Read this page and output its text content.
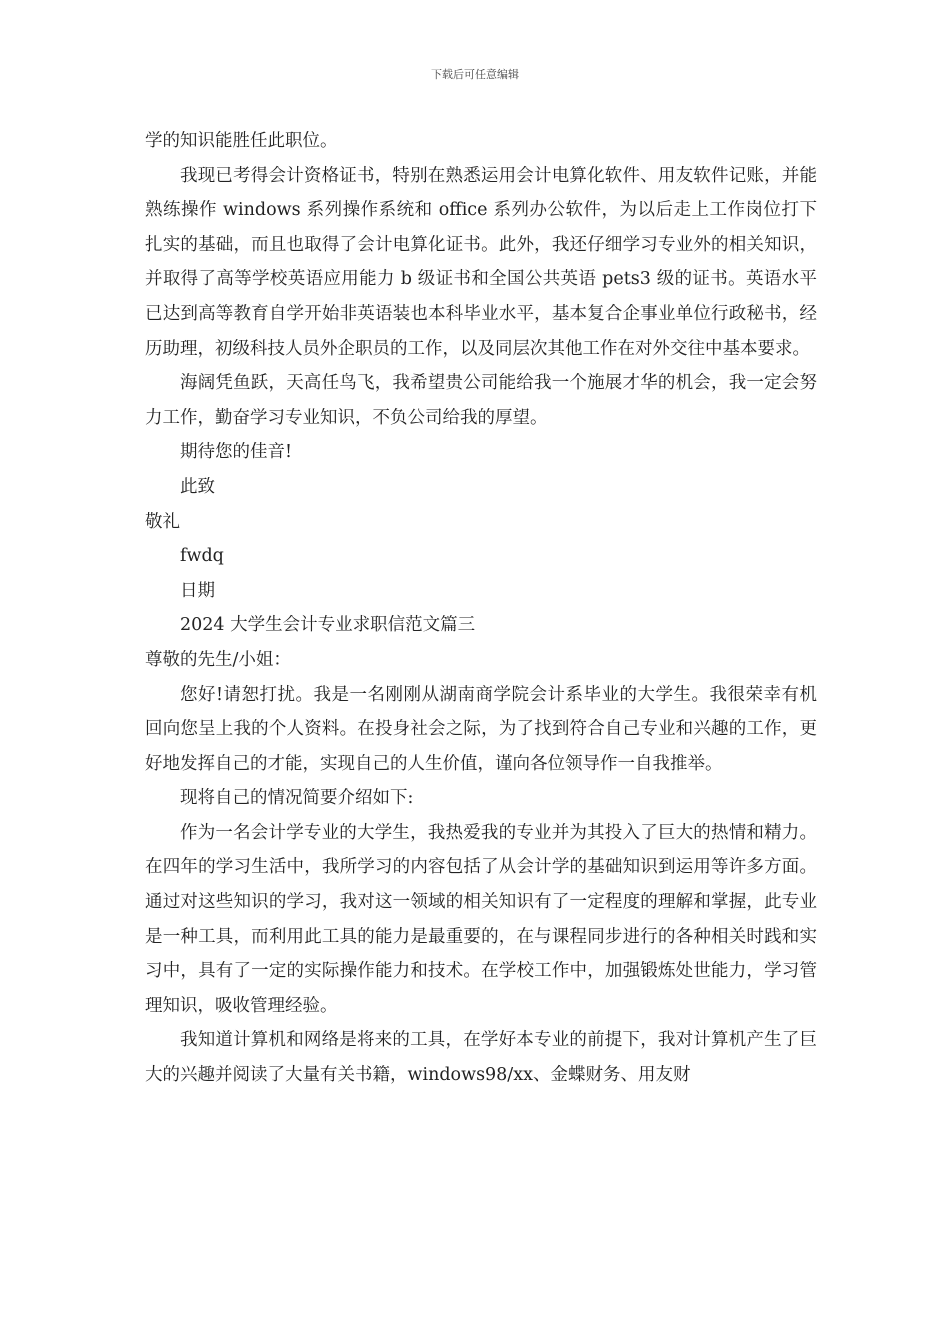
下载后可任意编辑

学的知识能胜任此职位。

我现已考得会计资格证书，特别在熟悉运用会计电算化软件、用友软件记账，并能熟练操作 windows 系列操作系统和 office 系列办公软件，为以后走上工作岗位打下扎实的基础，而且也取得了会计电算化证书。此外，我还仔细学习专业外的相关知识，并取得了高等学校英语应用能力 b 级证书和全国公共英语 pets3 级的证书。英语水平已达到高等教育自学开始非英语装也本科毕业水平，基本复合企事业单位行政秘书，经历助理，初级科技人员外企职员的工作，以及同层次其他工作在对外交往中基本要求。

海阔凭鱼跃，天高任鸟飞，我希望贵公司能给我一个施展才华的机会，我一定会努力工作，勤奋学习专业知识，不负公司给我的厚望。

期待您的佳音!

此致

敬礼

fwdq

日期

2024 大学生会计专业求职信范文篇三

尊敬的先生/小姐：

您好!请恕打扰。我是一名刚刚从湖南商学院会计系毕业的大学生。我很荣幸有机回向您呈上我的个人资料。在投身社会之际，为了找到符合自己专业和兴趣的工作，更好地发挥自己的才能，实现自己的人生价值，谨向各位领导作一自我推举。

现将自己的情况简要介绍如下:

作为一名会计学专业的大学生，我热爱我的专业并为其投入了巨大的热情和精力。在四年的学习生活中，我所学习的内容包括了从会计学的基础知识到运用等许多方面。通过对这些知识的学习，我对这一领域的相关知识有了一定程度的理解和掌握，此专业是一种工具，而利用此工具的能力是最重要的，在与课程同步进行的各种相关时践和实习中，具有了一定的实际操作能力和技术。在学校工作中，加强锻炼处世能力，学习管理知识，吸收管理经验。

我知道计算机和网络是将来的工具，在学好本专业的前提下，我对计算机产生了巨大的兴趣并阅读了大量有关书籍，windows98/xx、金蝶财务、用友财
